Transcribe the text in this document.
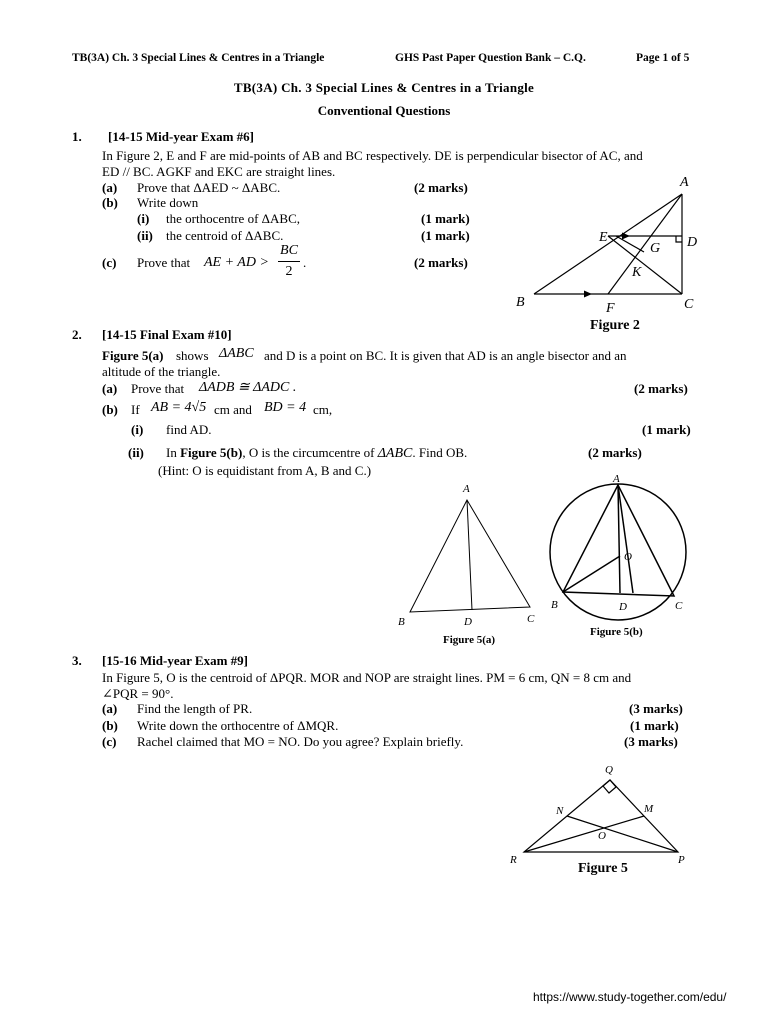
TB(3A) Ch. 3 Special Lines & Centres in a Triangle	GHS Past Paper Question Bank – C.Q.	Page 1 of 5
TB(3A) Ch. 3 Special Lines & Centres in a Triangle
Conventional Questions
1. [14-15 Mid-year Exam #6]
In Figure 2, E and F are mid-points of AB and BC respectively. DE is perpendicular bisector of AC, and
ED // BC. AGKF and EKC are straight lines.
(a) Prove that ΔAED ~ ΔABC.	(2 marks)
(b) Write down
(i) the orthocentre of ΔABC,	(1 mark)
(ii) the centroid of ΔABC.	(1 mark)
(c) Prove that AE + AD >
BC
2
.	(2 marks)
A
E
G D
K
B	F	C
Figure 2
2. [14-15 Final Exam #10]
Figure 5(a) shows ΔABC and D is a point on BC. It is given that AD is an angle bisector and an
altitude of the triangle.
(a) Prove that ΔADB ≅ ΔADC .	(2 marks)
(b) If AB = 4√5 cm and BD = 4 cm,
(i) find AD.	(1 mark)
(ii) In Figure 5(b), O is the circumcentre of ΔABC. Find OB.	(2 marks)
(Hint: O is equidistant from A, B and C.)
A
B	D	C
Figure 5(a)
A
O
B	D	C
Figure 5(b)
3. [15-16 Mid-year Exam #9]
In Figure 5, O is the centroid of ΔPQR. MOR and NOP are straight lines. PM = 6 cm, QN = 8 cm and
∠PQR = 90°.
(a) Find the length of PR.	(3 marks)
(b) Write down the orthocentre of ΔMQR.	(1 mark)
(c) Rachel claimed that MO = NO. Do you agree? Explain briefly.	(3 marks)
Q
N	M
O
R	P
Figure 5
https://www.study-together.com/edu/
